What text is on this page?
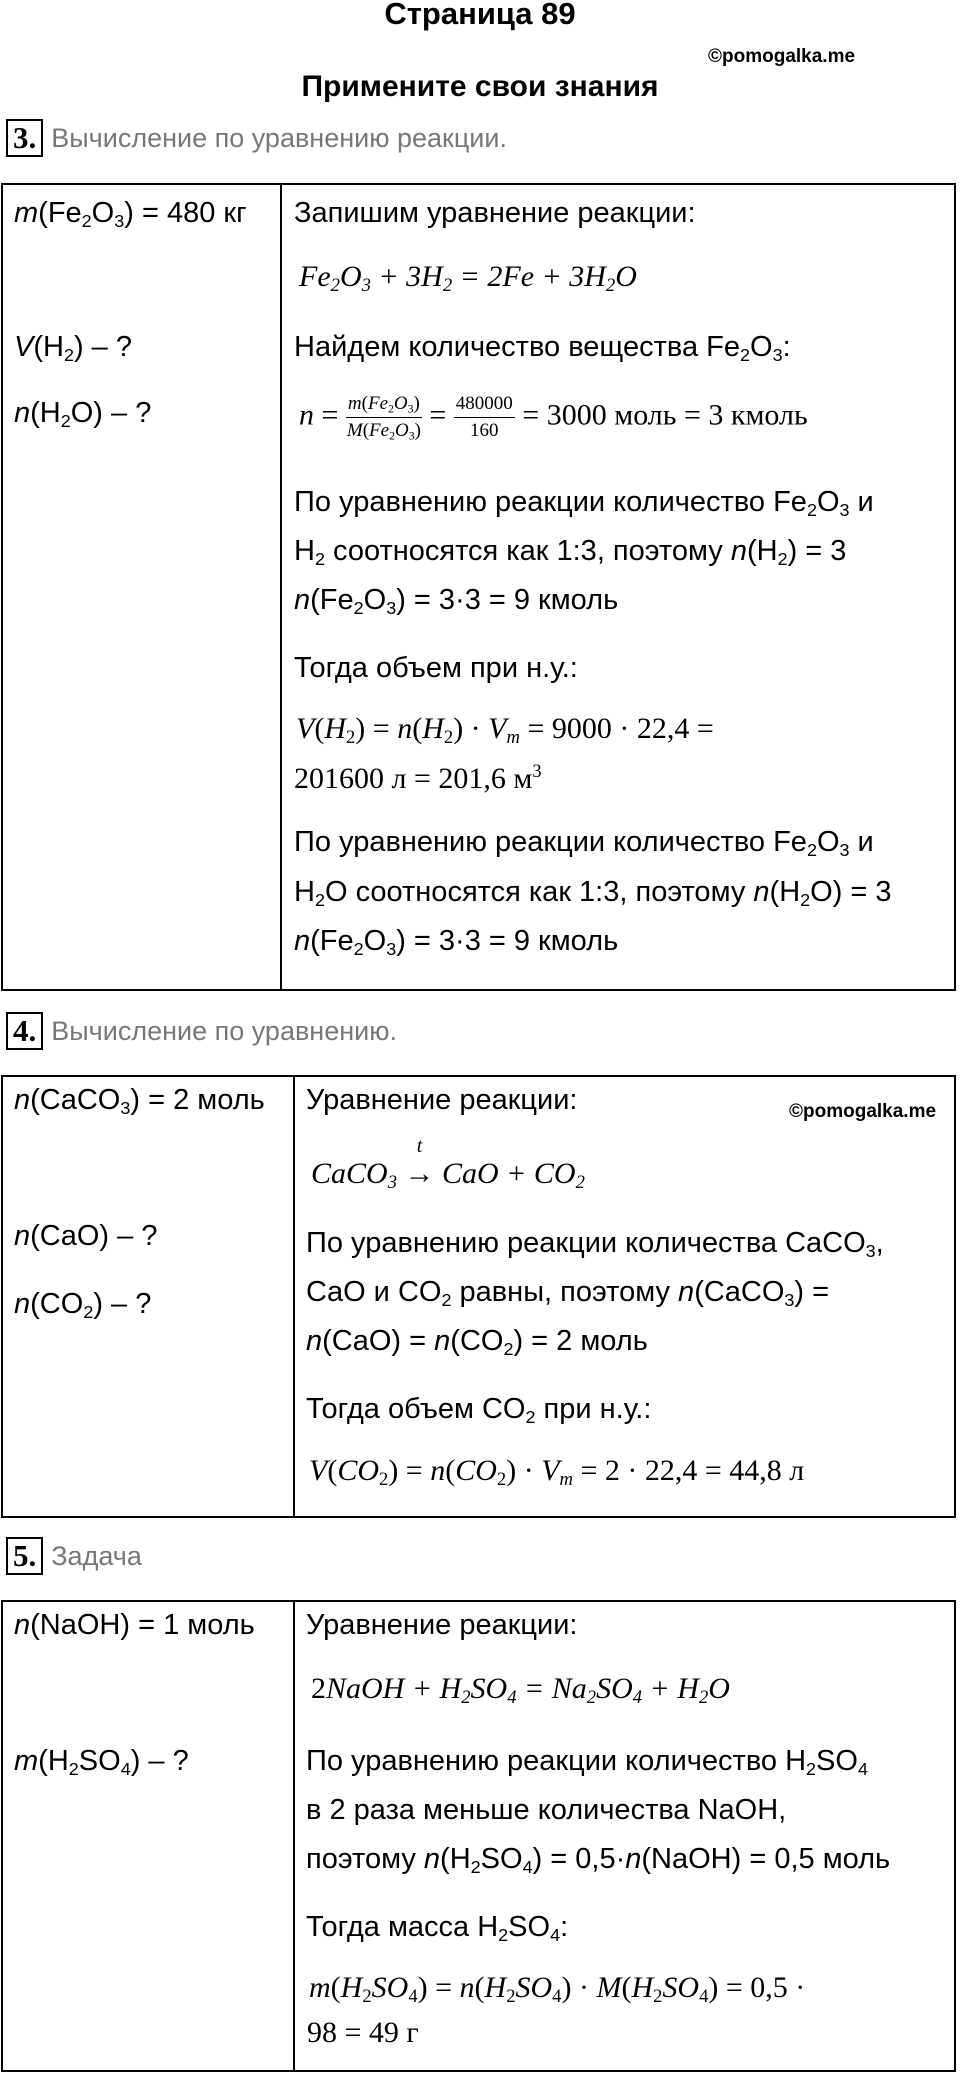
Страница 89
©pomogalka.me
Примените свои знания
3. Вычисление по уравнению реакции.
$m(Fe_2O_3) = 480$ кг
$V(H_2)$ – ?
$n(H_2O)$ – ?
Запишим уравнение реакции:
$Fe_2O_3 + 3H_2 = 2Fe + 3H_2O$
Найдем количество вещества $Fe_2O_3$:
$n = \frac{m(Fe_2O_3)}{M(Fe_2O_3)} = \frac{480000}{160} = 3000$ моль = 3 кмоль
По уравнению реакции количество $Fe_2O_3$ и
$H_2$ соотносятся как 1:3, поэтому $n(H_2) = 3$
$n(Fe_2O_3) = 3\cdot 3 = 9$ кмоль
Тогда объем при н.у.:
$V(H_2) = n(H_2) \cdot V_m = 9000 \cdot 22,4$ =
201600 л = 201,6 $м^3$
По уравнению реакции количество $Fe_2O_3$ и
$H_2O$ соотносятся как 1:3, поэтому $n(H_2O) = 3$
$n(Fe_2O_3) = 3\cdot 3 = 9$ кмоль
4. Вычисление по уравнению.
n(CaCO$_3$) = 2 моль
n(CaO) – ?
$n(CO_2)$ – ?
Уравнение реакции:	©pomogalka.me
CaCO$_3$
t
→ CaO + $CO_2$
По уравнению реакции количества CaCO$_3$,
CaO и $CO_2$ равны, поэтому n(CaCO$_3$) =
$n(CaO) = n(CO_2) = 2$ моль
Тогда объем $CO_2$ при н.у.:
$V(CO_2) = n(CO_2) \cdot V_m = 2 \cdot 22,4 = 44,8$ л
5. Задача
n(NaOH) = 1 моль
$m(H_2SO_4)$ – ?
Уравнение реакции:
2NaOH + $H_2SO_4 = Na_2SO_4 + H_2O$
По уравнению реакции количество $H_2SO_4$
в 2 раза меньше количества NaOH,
поэтому $n(H_2SO_4)$ = 0,5·n(NaOH) = 0,5 моль
Тогда масса $H_2SO_4$:
$m(H_2SO_4) = n(H_2SO_4) \cdot M(H_2SO_4) = 0,5$ ·
98 = 49 г
